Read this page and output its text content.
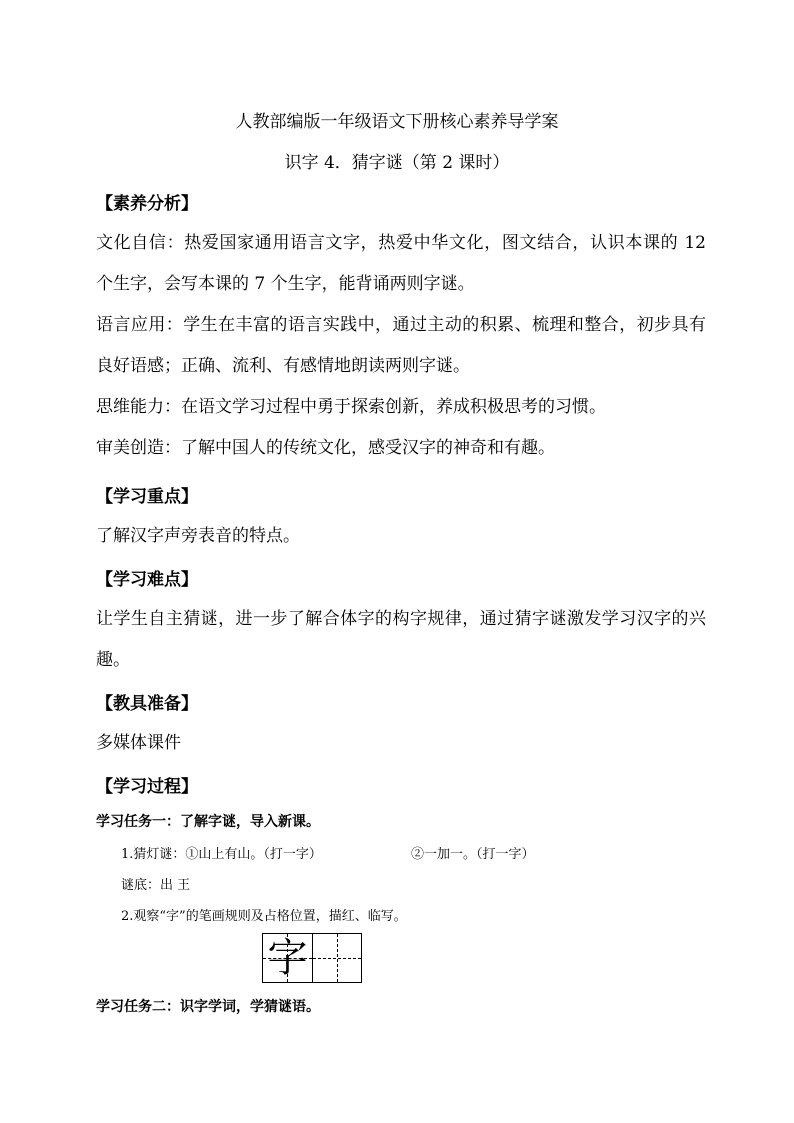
人教部编版一年级语文下册核心素养导学案
识字 4．猜字谜（第 2 课时）
【素养分析】
文化自信：热爱国家通用语言文字，热爱中华文化，图文结合，认识本课的 12 个生字，会写本课的 7 个生字，能背诵两则字谜。
语言应用：学生在丰富的语言实践中，通过主动的积累、梳理和整合，初步具有良好语感；正确、流利、有感情地朗读两则字谜。
思维能力：在语文学习过程中勇于探索创新，养成积极思考的习惯。
审美创造：了解中国人的传统文化，感受汉字的神奇和有趣。
【学习重点】
了解汉字声旁表音的特点。
【学习难点】
让学生自主猜谜，进一步了解合体字的构字规律，通过猜字谜激发学习汉字的兴趣。
【教具准备】
多媒体课件
【学习过程】
学习任务一：了解字谜，导入新课。
1.猜灯谜：①山上有山。（打一字）	②一加一。（打一字）
谜底：出 王
2.观察“字”的笔画规则及占格位置，描红、临写。
字
学习任务二：识字学词，学猜谜语。
